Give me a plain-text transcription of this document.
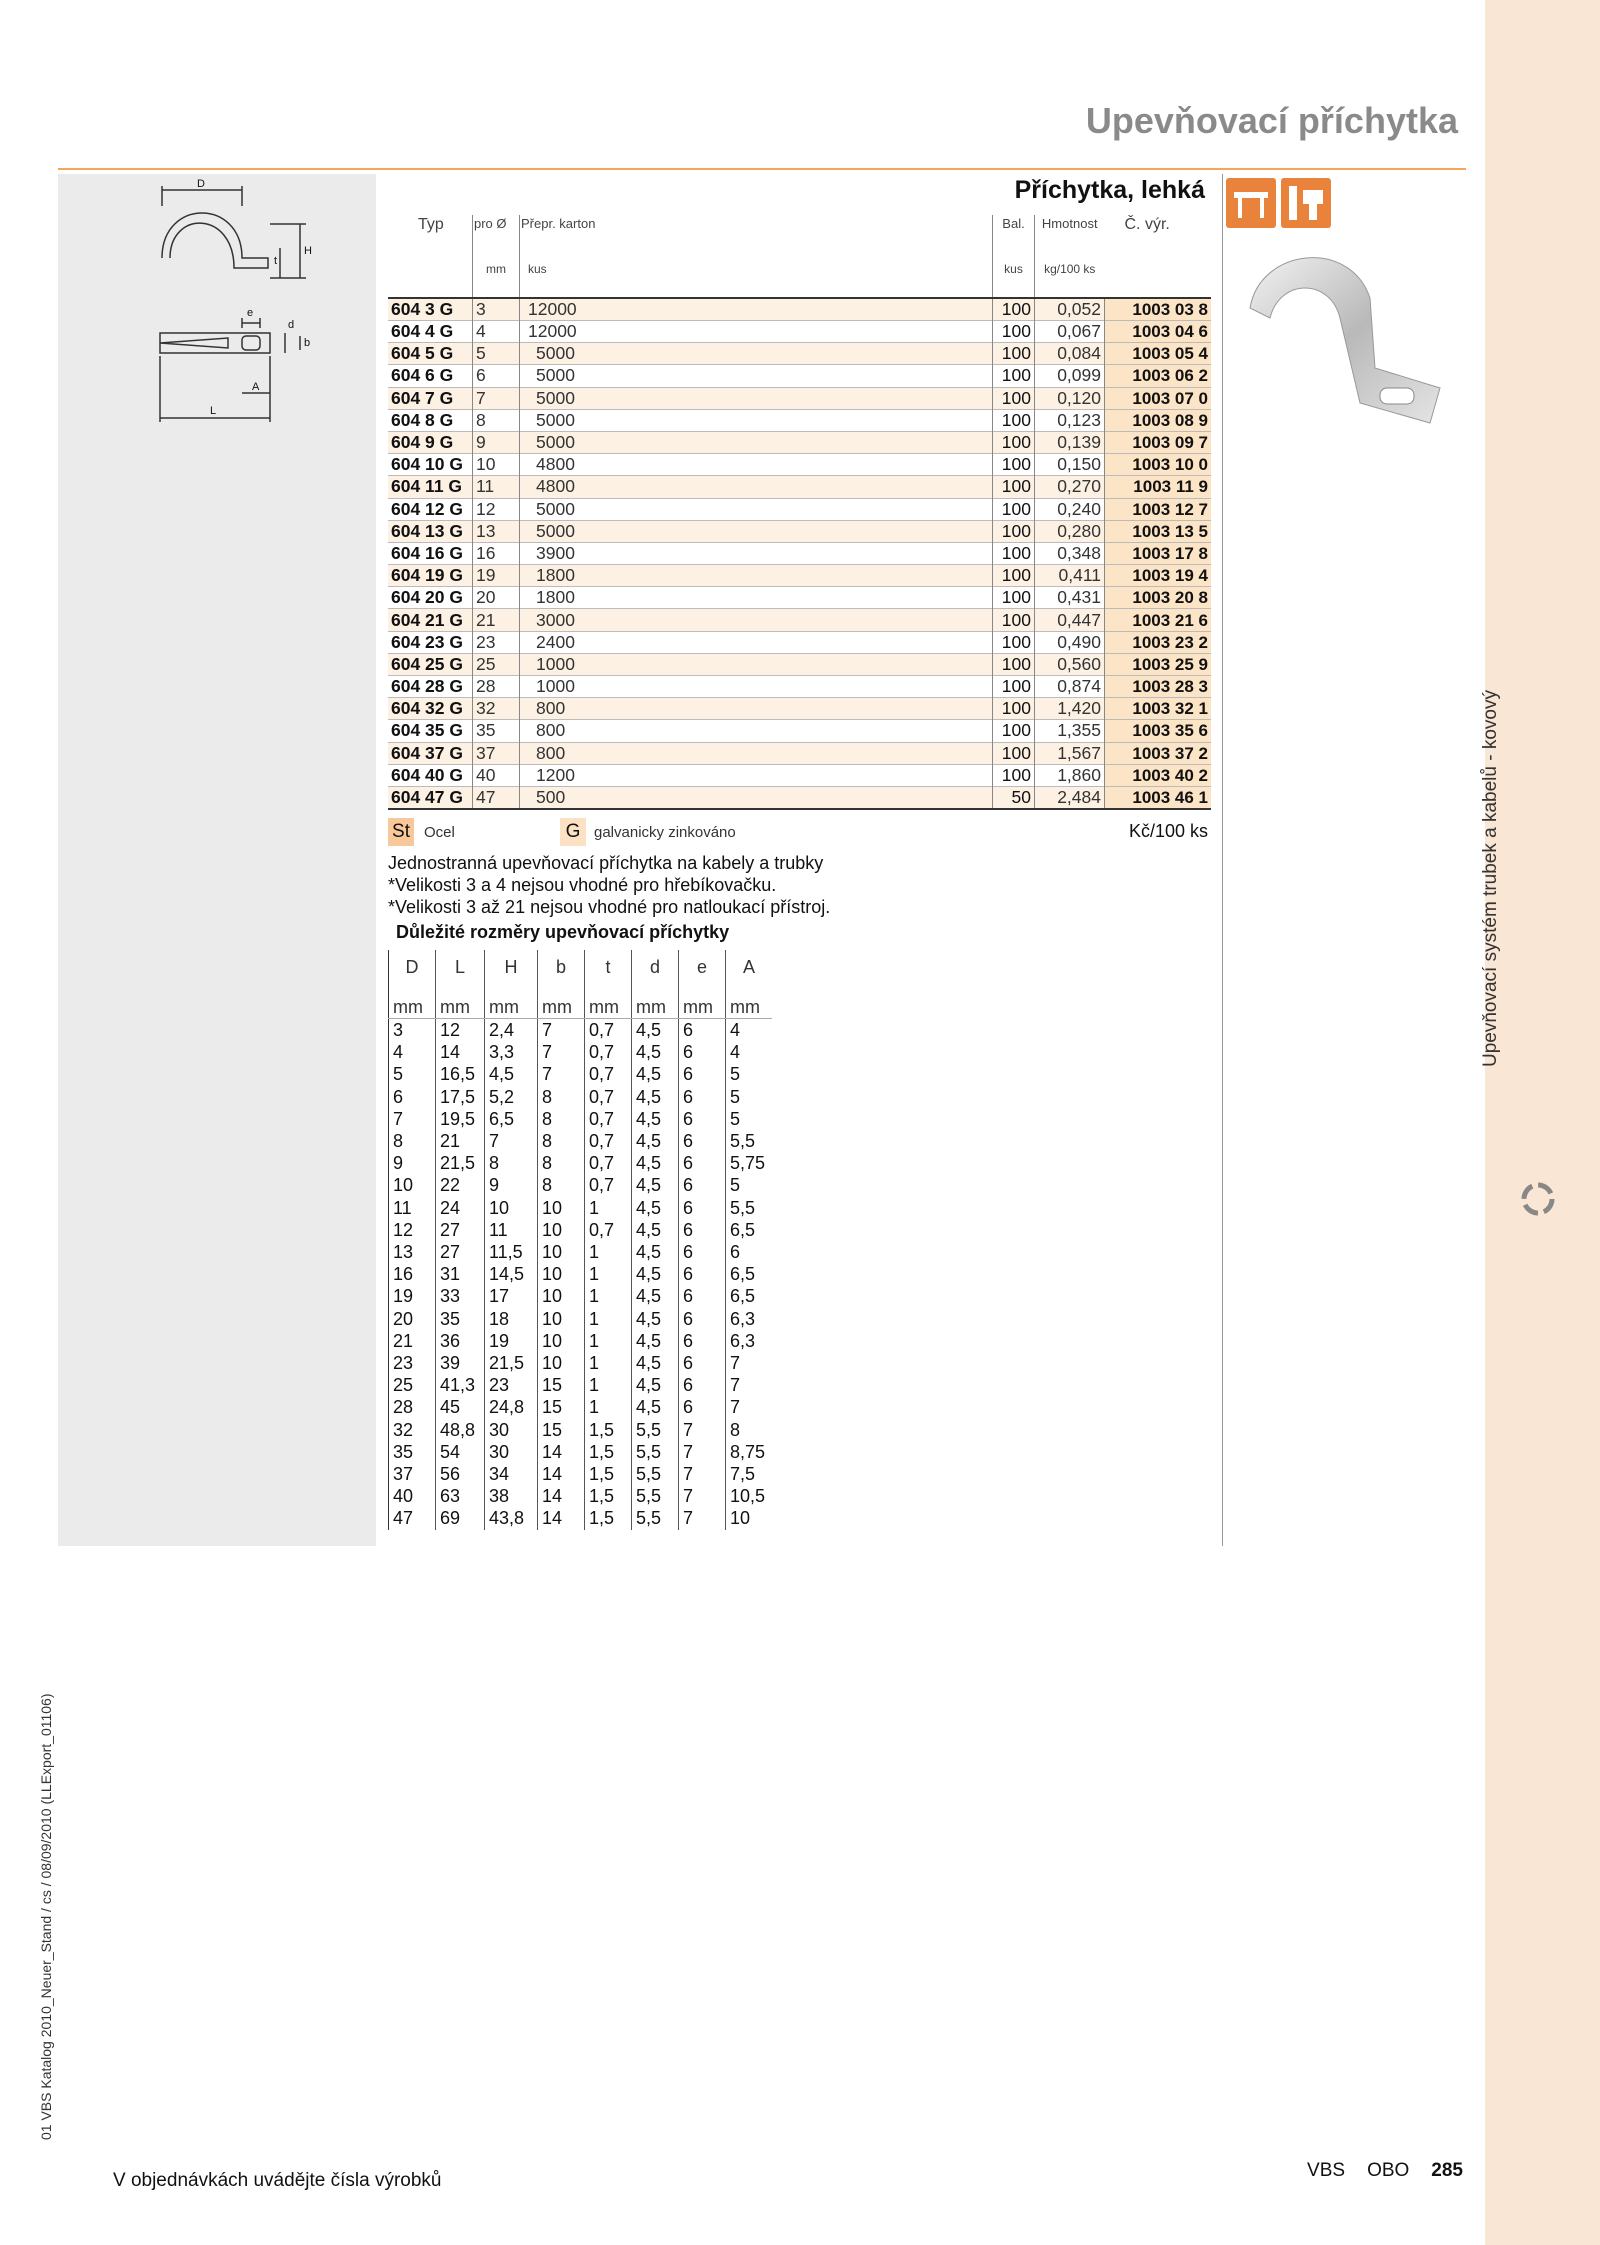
Upevňovací systém trubek a kabelů - kovový
Upevňovací příchytka
D
H
t
e
d
b
A
L
Příchytka, lehká
Typ	pro Ø	Přepr. karton	Bal.	Hmotnost	Č. výr.
	mm	kus	kus	kg/100 ks	
604 3 G	3	12000	100	0,052	1003 03 8
604 4 G	4	12000	100	0,067	1003 04 6
604 5 G	5	5000	100	0,084	1003 05 4
604 6 G	6	5000	100	0,099	1003 06 2
604 7 G	7	5000	100	0,120	1003 07 0
604 8 G	8	5000	100	0,123	1003 08 9
604 9 G	9	5000	100	0,139	1003 09 7
604 10 G	10	4800	100	0,150	1003 10 0
604 11 G	11	4800	100	0,270	1003 11 9
604 12 G	12	5000	100	0,240	1003 12 7
604 13 G	13	5000	100	0,280	1003 13 5
604 16 G	16	3900	100	0,348	1003 17 8
604 19 G	19	1800	100	0,411	1003 19 4
604 20 G	20	1800	100	0,431	1003 20 8
604 21 G	21	3000	100	0,447	1003 21 6
604 23 G	23	2400	100	0,490	1003 23 2
604 25 G	25	1000	100	0,560	1003 25 9
604 28 G	28	1000	100	0,874	1003 28 3
604 32 G	32	800	100	1,420	1003 32 1
604 35 G	35	800	100	1,355	1003 35 6
604 37 G	37	800	100	1,567	1003 37 2
604 40 G	40	1200	100	1,860	1003 40 2
604 47 G	47	500	50	2,484	1003 46 1
St Ocel	G galvanicky zinkováno	Kč/100 ks
Jednostranná upevňovací příchytka na kabely a trubky
*Velikosti 3 a 4 nejsou vhodné pro hřebíkovačku.
*Velikosti 3 až 21 nejsou vhodné pro natloukací přístroj.
Důležité rozměry upevňovací příchytky
D	L	H	b	t	d	e	A
mm	mm	mm	mm	mm	mm	mm	mm
3	12	2,4	7	0,7	4,5	6	4
4	14	3,3	7	0,7	4,5	6	4
5	16,5	4,5	7	0,7	4,5	6	5
6	17,5	5,2	8	0,7	4,5	6	5
7	19,5	6,5	8	0,7	4,5	6	5
8	21	7	8	0,7	4,5	6	5,5
9	21,5	8	8	0,7	4,5	6	5,75
10	22	9	8	0,7	4,5	6	5
11	24	10	10	1	4,5	6	5,5
12	27	11	10	0,7	4,5	6	6,5
13	27	11,5	10	1	4,5	6	6
16	31	14,5	10	1	4,5	6	6,5
19	33	17	10	1	4,5	6	6,5
20	35	18	10	1	4,5	6	6,3
21	36	19	10	1	4,5	6	6,3
23	39	21,5	10	1	4,5	6	7
25	41,3	23	15	1	4,5	6	7
28	45	24,8	15	1	4,5	6	7
32	48,8	30	15	1,5	5,5	7	8
35	54	30	14	1,5	5,5	7	8,75
37	56	34	14	1,5	5,5	7	7,5
40	63	38	14	1,5	5,5	7	10,5
47	69	43,8	14	1,5	5,5	7	10
01 VBS Katalog 2010_Neuer_Stand / cs / 08/09/2010 (LLExport_01106)
V objednávkách uvádějte čísla výrobků	VBS OBO 285
